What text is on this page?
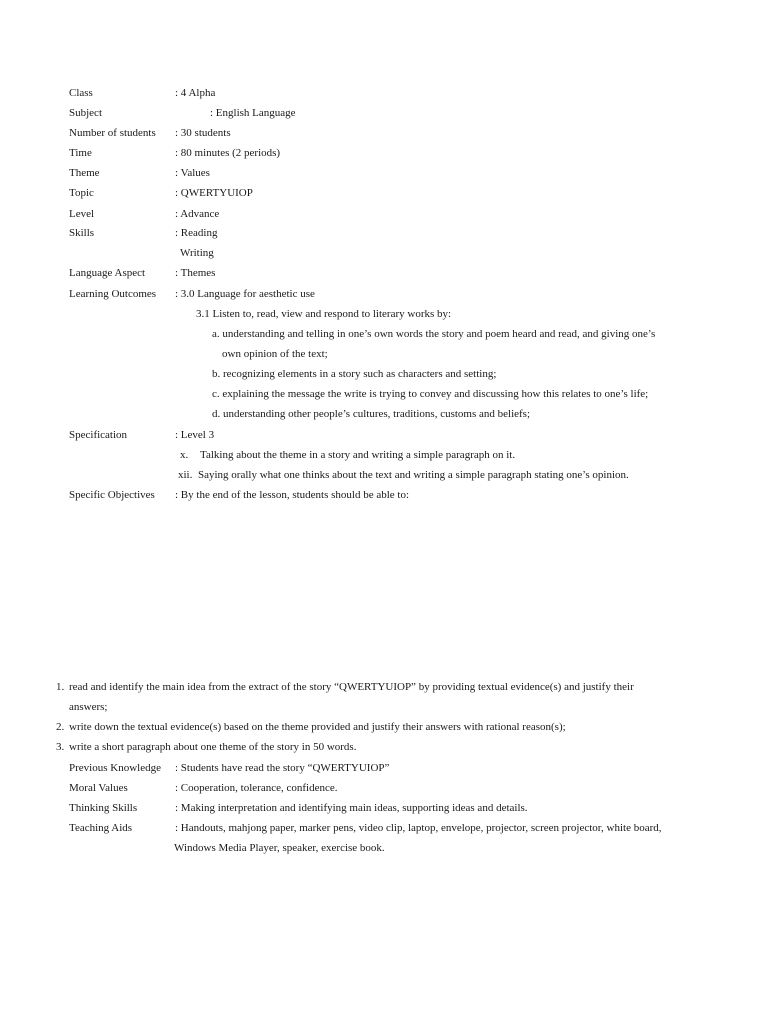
Class	: 4 Alpha
Subject	: English Language
Number of students : 30 students
Time	: 80 minutes (2 periods)
Theme	: Values
Topic	: QWERTYUIOP
Level	: Advance
Skills	: Reading
Writing
Language Aspect	: Themes
Learning Outcomes : 3.0 Language for aesthetic use
3.1 Listen to, read, view and respond to literary works by:
a. understanding and telling in one’s own words the story and poem heard and read, and giving one’s
own opinion of the text;
b. recognizing elements in a story such as characters and setting;
c. explaining the message the write is trying to convey and discussing how this relates to one’s life;
d. understanding other people’s cultures, traditions, customs and beliefs;
Specification	: Level 3
x. Talking about the theme in a story and writing a simple paragraph on it.
xii. Saying orally what one thinks about the text and writing a simple paragraph stating one’s opinion.
Specific Objectives : By the end of the lesson, students should be able to:
1. read and identify the main idea from the extract of the story “QWERTYUIOP” by providing textual evidence(s) and justify their
answers;
2. write down the textual evidence(s) based on the theme provided and justify their answers with rational reason(s);
3. write a short paragraph about one theme of the story in 50 words.
Previous Knowledge : Students have read the story “QWERTYUIOP”
Moral Values	: Cooperation, tolerance, confidence.
Thinking Skills	: Making interpretation and identifying main ideas, supporting ideas and details.
Teaching Aids	: Handouts, mahjong paper, marker pens, video clip, laptop, envelope, projector, screen projector, white board,
Windows Media Player, speaker, exercise book.
